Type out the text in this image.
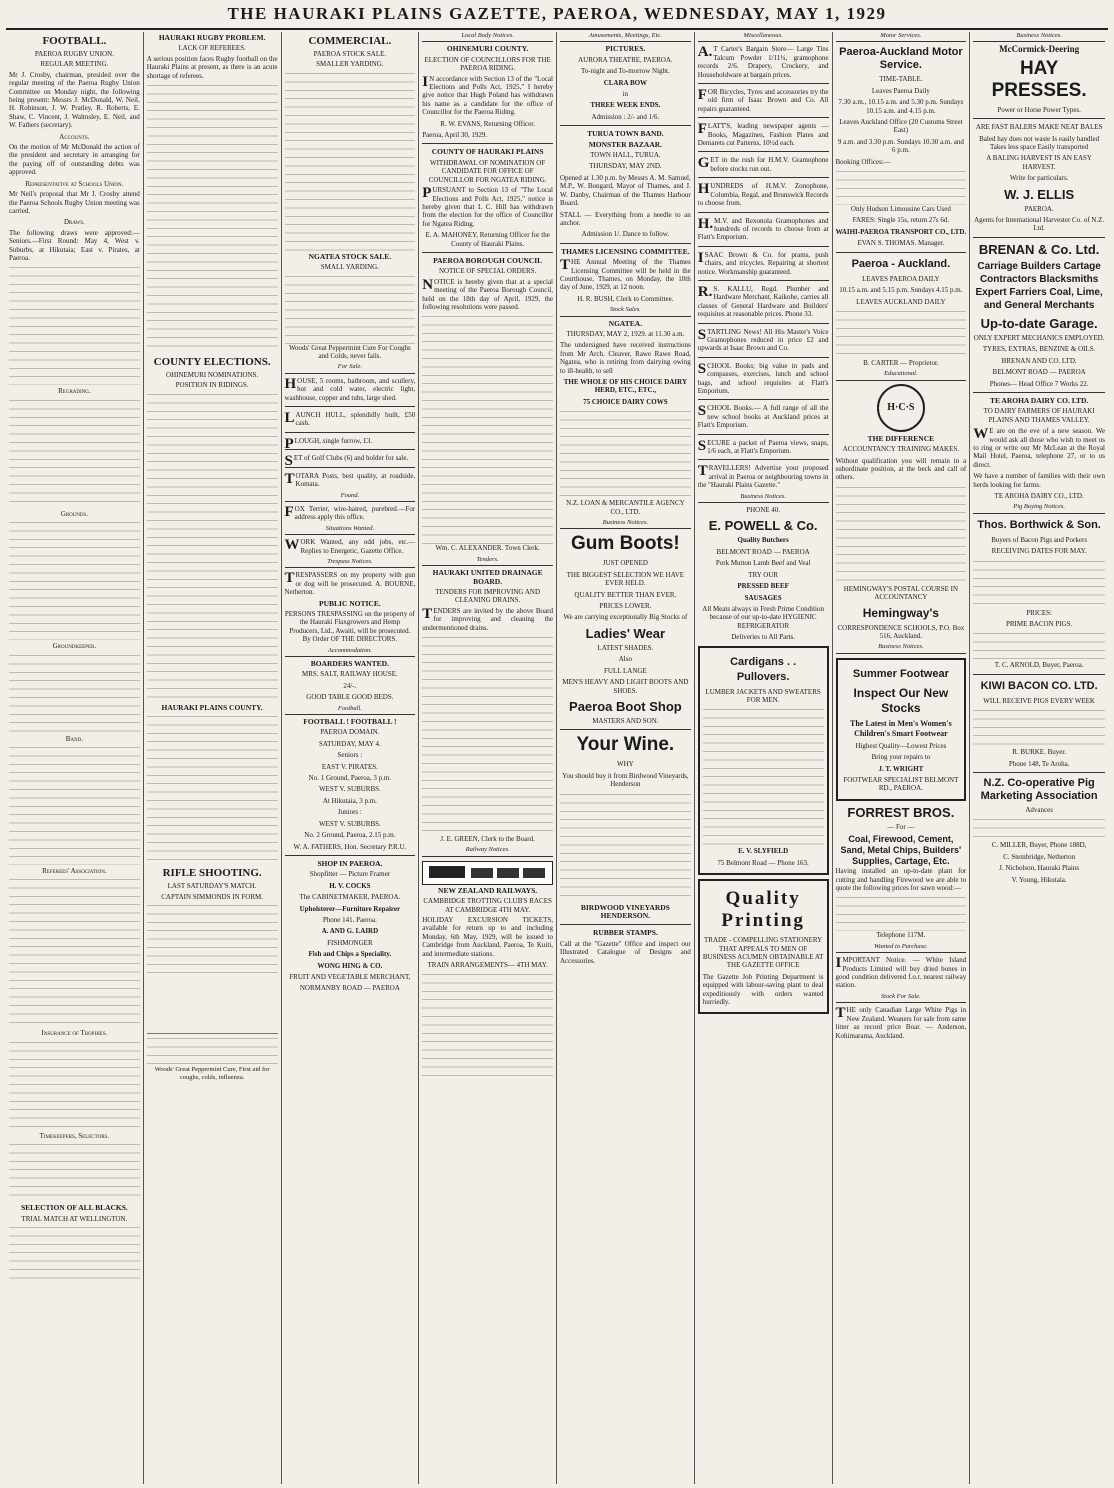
THE HAURAKI PLAINS GAZETTE, PAEROA, WEDNESDAY, MAY 1, 1929
FOOTBALL.
PAEROA RUGBY UNION.
REGULAR MEETING.

Mr J. Crosby, chairman, presided over the regular meeting of the Paeroa Rugby Union Committee on Monday night, the following being present: Messrs J. McDonald, W. Neil, H. Robinson, J. W. Pratley, R. Roberts, E. Shaw, C. Vincent, J. Walmsley, E. Neil, and W. Fathers (secretary).

Accounts.

On the motion of Mr McDonald the action of the president and secretary in arranging for the paying off of outstanding debts was approved.

Representative at Schools Union.

Mr Neil's proposal that Mr J. Crosby attend the Paeroa Schools Rugby Union meeting was carried.

Draws.

The following draws were approved:— Seniors.—First Round: May 4, West v. Suburbs, at Hikutaia; East v. Pirates, at Paeroa.

Regrading.
Grounds.
Groundkeeper.
Band.
Referees' Association.
Insurance of Trophies.
Timekeepers, Selectors.
SELECTION OF ALL BLACKS.
TRIAL MATCH AT WELLINGTON.
HAURAKI RUGBY PROBLEM.
LACK OF REFEREES.

A serious position faces Rugby football on the Hauraki Plains at present, as there is an acute shortage of referees.

COUNTY ELECTIONS.
OHINEMURI NOMINATIONS.
POSITION IN RIDINGS.
HAURAKI PLAINS COUNTY.
RIFLE SHOOTING.
LAST SATURDAY'S MATCH.
CAPTAIN SIMMONDS IN FORM.

Woods' Great Peppermint Cure, First aid for coughs, colds, influenza.

COMMERCIAL.
PAEROA STOCK SALE.
SMALLER YARDING.
NGATEA STOCK SALE.
SMALL YARDING.

Woods' Great Peppermint Cure For Coughs and Colds, never fails.

For Sale.

HOUSE, 5 rooms, bathroom, and scullery, hot and cold water, electric light, washhouse, copper and tubs, large shed.

LAUNCH HULL, splendidly built, £50 cash.

PLOUGH, single furrow, £3.

SET of Golf Clubs (6) and holder for sale.

TOTARA Posts, best quality, at roadside, Komata.

Found.

FOX Terrier, wire-haired, purebred.—For address apply this office.

Situations Wanted.

WORK Wanted, any odd jobs, etc.—Replies to Energetic, Gazette Office.

Trespass Notices.

TRESPASSERS on my property with gun or dog will be prosecuted. A. BOURNE, Netherton.

PUBLIC NOTICE.

PERSONS TRESPASSING on the property of the Hauraki Flaxgrowers and Hemp Producers, Ltd., Awaiti, will be prosecuted. By Order OF THE DIRECTORS.

Accommodation.
BOARDERS WANTED.

MRS. SALT, RAILWAY HOUSE.

24/-.

GOOD TABLE GOOD BEDS.

Football.
FOOTBALL ! FOOTBALL !

PAEROA DOMAIN.

SATURDAY, MAY 4.

Seniors :

EAST V. PIRATES.

No. 1 Ground, Paeroa, 3 p.m.

WEST V. SUBURBS.

At Hikutaia, 3 p.m.

Juniors :

WEST V. SUBURBS.

No. 2 Ground, Paeroa, 2.15 p.m.

W. A. FATHERS, Hon. Secretary P.R.U.

SHOP IN PAEROA.

Shopfitter — Picture Framer

H. V. COCKS

The CABINETMAKER, PAEROA.

Upholsterer—Furniture Repairer

Phone 141. Paeroa.

A. AND G. LAIRD

FISHMONGER

Fish and Chips a Speciality.

WONG HING & CO.

FRUIT AND VEGETABLE MERCHANT,

NORMANBY ROAD — PAEROA

Local Body Notices.
OHINEMURI COUNTY.
ELECTION OF COUNCILLORS FOR THE PAEROA RIDING.

IN accordance with Section 13 of the "Local Elections and Polls Act, 1925," I hereby give notice that Hugh Poland has withdrawn his name as a candidate for the office of Councillor for the Paeroa Riding.

R. W. EVANS, Returning Officer.

Paeroa, April 30, 1929.

COUNTY OF HAURAKI PLAINS
WITHDRAWAL OF NOMINATION OF CANDIDATE FOR OFFICE OF COUNCILLOR FOR NGATEA RIDING.

PURSUANT to Section 13 of "The Local Elections and Polls Act, 1925," notice is hereby given that I. C. Hill has withdrawn from the election for the office of Councillor for Ngatea Riding.

E. A. MAHONEY, Returning Officer for the County of Hauraki Plains.

PAEROA BOROUGH COUNCIL
NOTICE OF SPECIAL ORDERS.

NOTICE is hereby given that at a special meeting of the Paeroa Borough Council, held on the 18th day of April, 1929, the following resolutions were passed.

Wm. C. ALEXANDER. Town Clerk.

Tenders.
HAURAKI UNITED DRAINAGE BOARD.
TENDERS FOR IMPROVING AND CLEANING DRAINS.

TENDERS are invited by the above Board for improving and cleaning the undermentioned drains.

J. E. GREEN, Clerk to the Board.

Railway Notices.
NEW ZEALAND RAILWAYS.
CAMBRIDGE TROTTING CLUB'S RACES AT CAMBRIDGE 4TH MAY.

HOLIDAY EXCURSION TICKETS, available for return up to and including Monday, 6th May, 1929, will be issued to Cambridge from Auckland, Paeroa, Te Kuiti, and intermediate stations.

TRAIN ARRANGEMENTS— 4TH MAY.
Amusements, Meetings, Etc.
PICTURES.

AURORA THEATRE, PAEROA.

To-night and To-morrow Night.

CLARA BOW

in

THREE WEEK ENDS.

Admission : 2/- and 1/6.

TURUA TOWN BAND.
MONSTER BAZAAR.

TOWN HALL, TURUA.

THURSDAY, MAY 2ND.

Opened at 1.30 p.m. by Messrs A. M. Samuel, M.P., W. Bongard, Mayor of Thames, and J. W. Danby, Chairman of the Thames Harbour Board.

STALL — Everything from a needle to an anchor.

Admission 1/. Dance to follow.

THAMES LICENSING COMMITTEE.

THE Annual Meeting of the Thames Licensing Committee will be held in the Courthouse, Thames, on Monday, the 10th day of June, 1929, at 12 noon.

H. R. BUSH, Clerk to Committee.

Stock Sales.
NGATEA.

THURSDAY, MAY 2, 1929. at 11.30 a.m.

The undersigned have received instructions from Mr Arch. Cleaver, Rawe Rawe Road, Ngatea, who is retiring from dairying owing to ill-health, to sell

THE WHOLE OF HIS CHOICE DAIRY HERD, ETC., ETC.,

75 CHOICE DAIRY COWS

N.Z. LOAN & MERCANTILE AGENCY CO., LTD.

Business Notices.
Gum Boots!

JUST OPENED

THE BIGGEST SELECTION WE HAVE EVER HELD.

QUALITY BETTER THAN EVER.

PRICES LOWER.

We are carrying exceptionally Big Stocks of

Ladies' Wear

LATEST SHADES.

Also

FULL LANGE

MEN'S HEAVY AND LIGHT BOOTS AND SHOES.

Paeroa Boot Shop

MASTERS AND SON.

Your Wine.

WHY

You should buy it from Birdwood Vineyards, Henderson

BIRDWOOD VINEYARDS HENDERSON.
RUBBER STAMPS.

Call at the "Gazette" Office and inspect our Illustrated Catalogue of Designs and Accessories.

Miscellaneous.

A.T Carter's Bargain Store— Large Tins Talcum Powder 1/11¼, gramophone records 2/6. Drapery, Crockery, and Householdware at bargain prices.

FOR Bicycles, Tyres and accessories try the old firm of Isaac Brown and Co. All repairs guaranteed.

FLATT'S, leading newspaper agents — Books, Magazines, Fashion Plates and Demarets cut Patterns, 10½d each.

GET in the rush for H.M.V. Gramophone before stocks run out.

HUNDREDS of H.M.V. Zonophone, Columbia, Regal, and Brunswick Records to choose from.

H.M.V. and Rexonola Gramophones and hundreds of records to choose from at Flatt's Emporium.

ISAAC Brown & Co. for prams, push chairs, and tricycles. Repairing at shortest notice. Workmanship guaranteed.

R.S. KALLU, Regd. Plumber and Hardware Merchant, Kaikohe, carries all classes of General Hardware and Builders' requisites at reasonable prices. Phone 33.

STARTLING News! All His Master's Voice Gramophones reduced in price £2 and upwards at Isaac Brown and Co.

SCHOOL Books; big value in pads and compasses, exercises, lunch and school bags, and school requisites at Flatt's Emporium.

SCHOOL Books.— A full range of all the new school books at Auckland prices at Flatt's Emporium.

SECURE a packet of Paeroa views, snaps, 1/6 each, at Flatt's Emporium.

TRAVELLERS! Advertise your proposed arrival in Paeroa or neighbouring towns in the "Hauraki Plains Gazette."

Business Notices.

PHONE 40.

E. POWELL & Co.

Quality Butchers

BELMONT ROAD — PAEROA

Pork Mutton Lamb Beef and Veal

TRY OUR

PRESSED BEEF

SAUSAGES

All Meats always in Fresh Prime Condition because of our up-to-date HYGIENIC REFRIGERATOR

Deliveries to All Parts.

Cardigans . . Pullovers.

LUMBER JACKETS AND SWEATERS FOR MEN.

E. V. SLYFIELD

75 Belmont Road — Phone 163.

Quality Printing

TRADE - COMPELLING STATIONERY THAT APPEALS TO MEN OF BUSINESS ACUMEN OBTAINABLE AT THE GAZETTE OFFICE

The Gazette Job Printing Department is equipped with labour-saving plant to deal expeditiously with orders wanted hurriedly.

Motor Services.
Paeroa-Auckland Motor Service.

TIME-TABLE.

Leaves Paeroa Daily

7.30 a.m., 10.15 a.m. and 5.30 p.m. Sundays 10.15 a.m. and 4.15 p.m.

Leaves Auckland Office (20 Customs Street East)

9 a.m. and 3.30 p.m. Sundays 10.30 a.m. and 6 p.m.

Booking Offices:—

Only Hudson Limousine Cars Used

FARES: Single 15s, return 27s 6d.

WAIHI-PAEROA TRANSPORT CO., LTD.

EVAN S. THOMAS. Manager.

Paeroa - Auckland.

LEAVES PAEROA DAILY

10.15 a.m. and 5.15 p.m. Sundays 4.15 p.m.

LEAVES AUCKLAND DAILY

B. CARTER — Proprietor.

Educational.
H·C·S
THE DIFFERENCE

ACCOUNTANCY TRAINING MAKES.

Without qualification you will remain in a subordinate position, at the beck and call of others.

HEMINGWAY'S POSTAL COURSE IN ACCOUNTANCY

Hemingway's

CORRESPONDENCE SCHOOLS, P.O. Box 516, Auckland.

Business Notices.
Summer Footwear
Inspect Our New Stocks

The Latest in Men's Women's Children's Smart Footwear

Highest Quality—Lowest Prices

Bring your repairs to

J. T. WRIGHT

FOOTWEAR SPECIALIST BELMONT RD., PAEROA.

FORREST BROS.

— For —

Coal, Firewood, Cement, Sand, Metal Chips, Builders' Supplies, Cartage, Etc.

Having installed an up-to-date plant for cutting and handling Firewood we are able to quote the following prices for sawn wood:—

Telephone 117M.

Wanted to Purchase.

IMPORTANT Notice. — White Island Products Limited will buy dried bones in good condition delivered f.o.r. nearest railway station.

Stock For Sale.

THE only Canadian Large White Pigs in New Zealand. Weaners for sale from same litter as record price Boar. — Anderson, Kohimarama, Auckland.

Business Notices.
McCormick-Deering
HAY PRESSES.

Power or Horse Power Types.

ARE FAST BALERS MAKE NEAT BALES

Baled hay does not waste Is easily handled Takes less space Easily transported

A BALING HARVEST IS AN EASY HARVEST.

Write for particulars.

W. J. ELLIS

PAEROA.

Agents for International Harvester Co. of N.Z. Ltd.

BRENAN & Co. Ltd.

Carriage Builders Cartage Contractors Blacksmiths Expert Farriers Coal, Lime, and General Merchants

Up-to-date Garage.

ONLY EXPERT MECHANICS EMPLOYED.

TYRES, EXTRAS, BENZINE & OILS.

BRENAN AND CO. LTD.

BELMONT ROAD — PAEROA

Phones— Head Office 7 Works 22.

TE AROHA DAIRY CO. LTD.

TO DAIRY FARMERS OF HAURAKI PLAINS AND THAMES VALLEY.

WE are on the eve of a new season. We would ask all those who wish to meet us to ring or write our Mr McLean at the Royal Mail Hotel, Paeroa, telephone 27, or to us direct.

We have a number of families with their own herds looking for farms.

TE AROHA DAIRY CO., LTD.

Pig Buying Notices.
Thos. Borthwick & Son.

Buyers of Bacon Pigs and Porkers

RECEIVING DATES FOR MAY.

PRICES:

PRIME BACON PIGS.

T. C. ARNOLD, Buyer, Paeroa.

KIWI BACON CO. LTD.

WILL RECEIVE PIGS EVERY WEEK

R. BURKE. Buyer.

Phone 148, Te Aroha.

N.Z. Co-operative Pig Marketing Association

Advances

C. MILLER, Buyer, Phone 188D,

C. Stembridge, Netherton

J. Nicholson, Hauraki Plains

V. Young, Hikutaia.
